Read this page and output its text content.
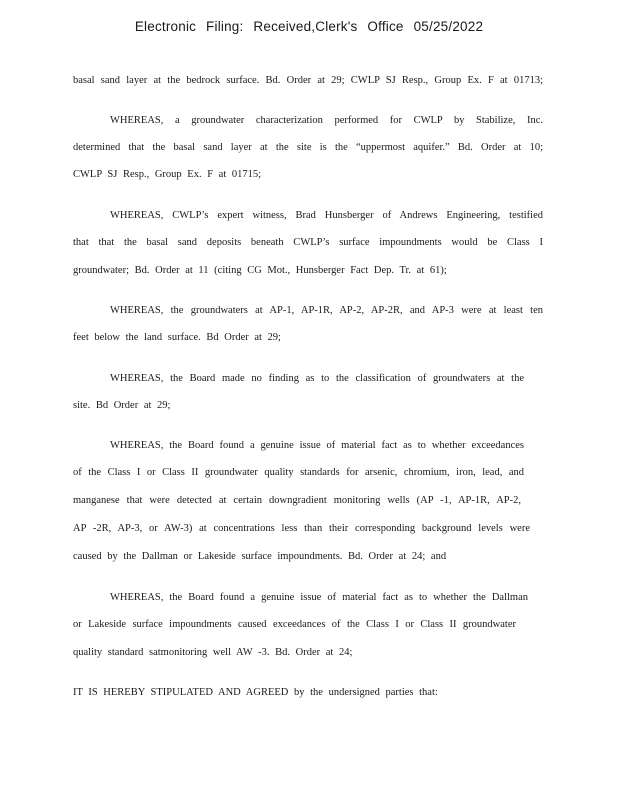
Electronic Filing: Received,Clerk's Office 05/25/2022
basal sand layer at the bedrock surface. Bd. Order at 29; CWLP SJ Resp., Group Ex. F at 01713;
WHEREAS, a groundwater characterization performed for CWLP by Stabilize, Inc.
determined that the basal sand layer at the site is the “uppermost aquifer.” Bd. Order at 10;
CWLP SJ Resp., Group Ex. F at 01715;
WHEREAS, CWLP’s expert witness, Brad Hunsberger of Andrews Engineering, testified
that that the basal sand deposits beneath CWLP’s surface impoundments would be Class I
groundwater; Bd. Order at 11 (citing CG Mot., Hunsberger Fact Dep. Tr. at 61);
WHEREAS, the groundwaters at AP-1, AP-1R, AP-2, AP-2R, and AP-3 were at least ten
feet below the land surface. Bd Order at 29;
WHEREAS, the Board made no finding as to the classification of groundwaters at the
site. Bd Order at 29;
WHEREAS, the Board found a genuine issue of material fact as to whether exceedances
of the Class I or Class II groundwater quality standards for arsenic, chromium, iron, lead, and
manganese that were detected at certain downgradient monitoring wells (AP -1, AP-1R, AP-2,
AP -2R, AP-3, or AW-3) at concentrations less than their corresponding background levels were
caused by the Dallman or Lakeside surface impoundments. Bd. Order at 24; and
WHEREAS, the Board found a genuine issue of material fact as to whether the Dallman
or Lakeside surface impoundments caused exceedances of the Class I or Class II groundwater
quality standard satmonitoring well AW -3. Bd. Order at 24;
IT IS HEREBY STIPULATED AND AGREED by the undersigned parties that:
